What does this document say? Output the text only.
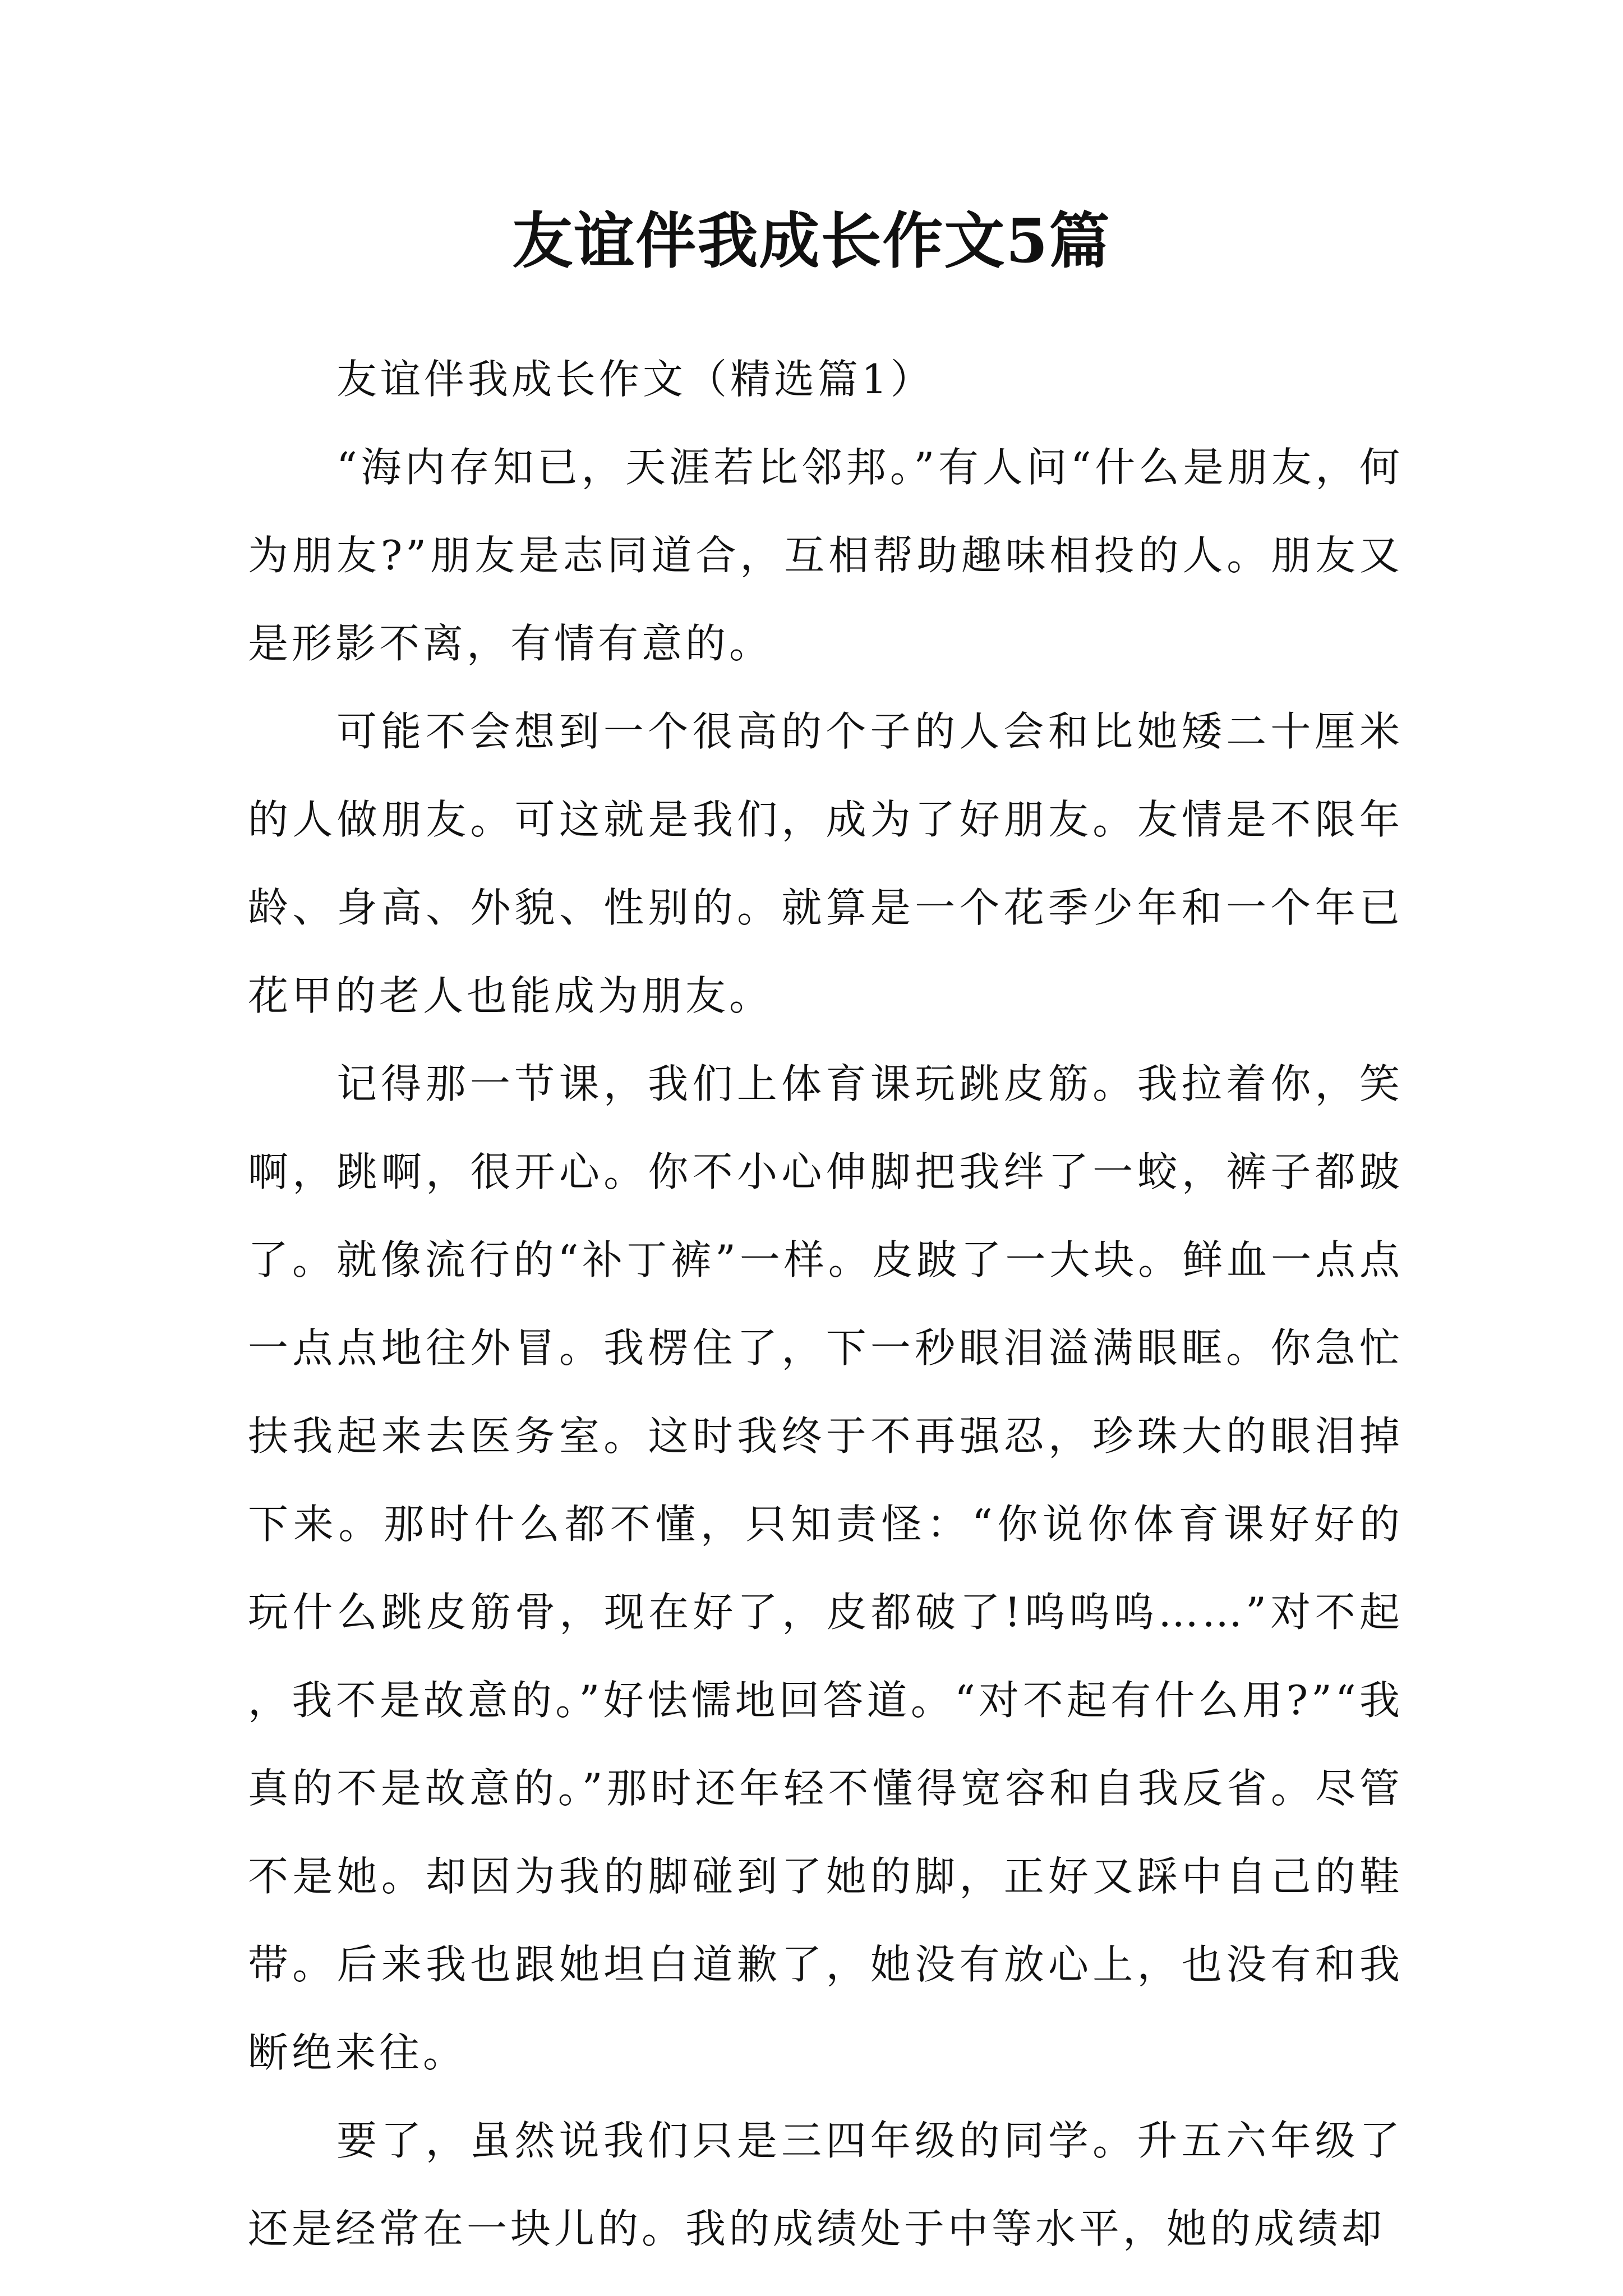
友谊伴我成长作文5篇

友谊伴我成长作文（精选篇1）

“海内存知已，天涯若比邻邦。”有人问“什么是朋友，何为朋友?”朋友是志同道合，互相帮助趣味相投的人。朋友又是形影不离，有情有意的。

可能不会想到一个很高的个子的人会和比她矮二十厘米的人做朋友。可这就是我们，成为了好朋友。友情是不限年龄、身高、外貌、性别的。就算是一个花季少年和一个年已花甲的老人也能成为朋友。

记得那一节课，我们上体育课玩跳皮筋。我拉着你，笑啊，跳啊，很开心。你不小心伸脚把我绊了一蛟，裤子都跛了。就像流行的“补丁裤”一样。皮跛了一大块。鲜血一点点一点点地往外冒。我楞住了，下一秒眼泪溢满眼眶。你急忙扶我起来去医务室。这时我终于不再强忍，珍珠大的眼泪掉下来。那时什么都不懂，只知责怪：“你说你体育课好好的玩什么跳皮筋骨，现在好了，皮都破了!呜呜呜……”对不起，我不是故意的。”好怯懦地回答道。“对不起有什么用?”“我真的不是故意的。”那时还年轻不懂得宽容和自我反省。尽管不是她。却因为我的脚碰到了她的脚，正好又踩中自己的鞋带。后来我也跟她坦白道歉了，她没有放心上，也没有和我断绝来往。

要了，虽然说我们只是三四年级的同学。升五六年级了还是经常在一块儿的。我的成绩处于中等水平，她的成绩却
